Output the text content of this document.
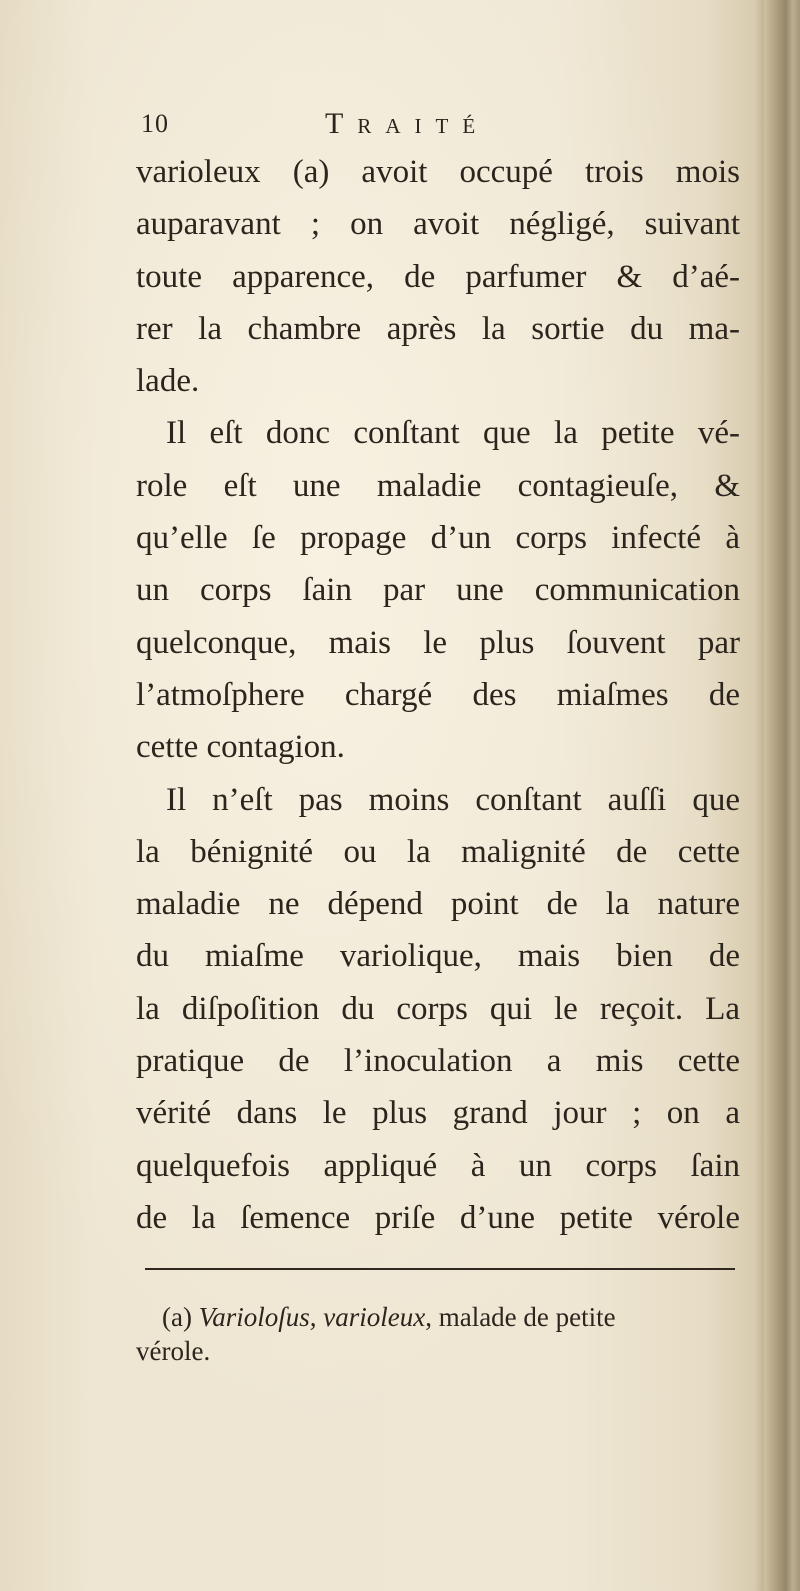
10	Traité
varioleux (a) avoit occupé trois mois
auparavant ; on avoit négligé, suivant
toute apparence, de parfumer & d’aé-
rer la chambre après la sortie du ma-
lade.
Il eſt donc conſtant que la petite vé-
role eſt une maladie contagieuſe, &
qu’elle ſe propage d’un corps infecté à
un corps ſain par une communication
quelconque, mais le plus ſouvent par
l’atmoſphere chargé des miaſmes de
cette contagion.
Il n’eſt pas moins conſtant auſſi que
la bénignité ou la malignité de cette
maladie ne dépend point de la nature
du miaſme variolique, mais bien de
la diſpoſition du corps qui le reçoit. La
pratique de l’inoculation a mis cette
vérité dans le plus grand jour ; on a
quelquefois appliqué à un corps ſain
de la ſemence priſe d’une petite vérole
(a) Varioloſus, varioleux, malade de petite
vérole.
